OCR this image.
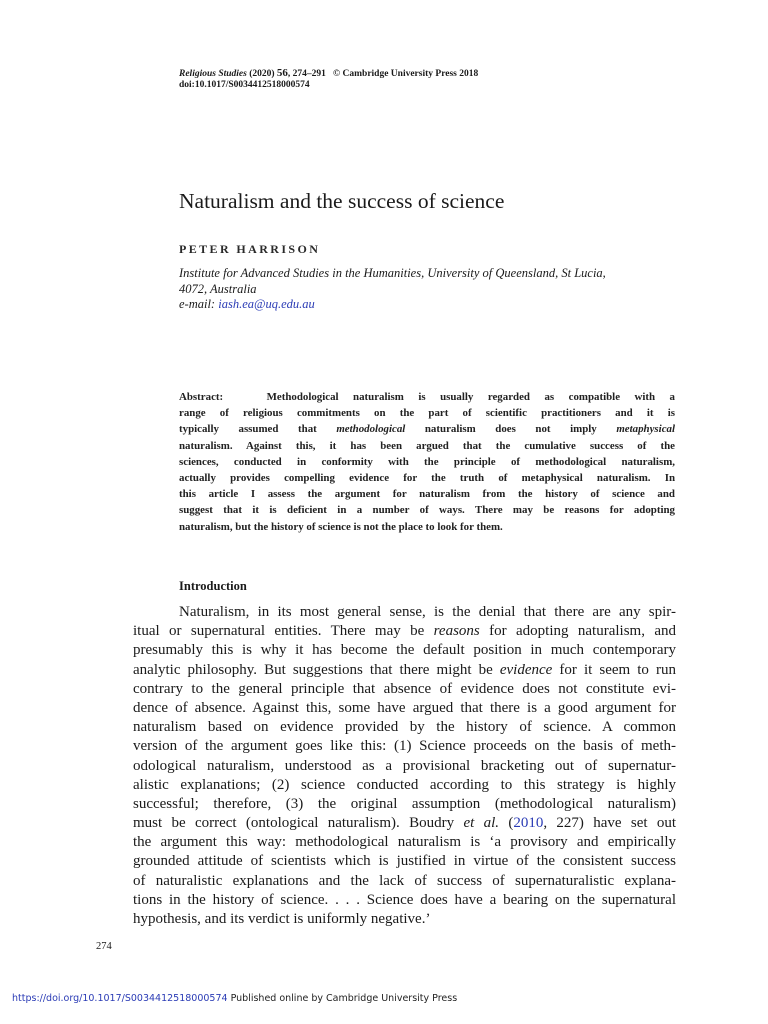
Religious Studies (2020) 56, 274–291 © Cambridge University Press 2018
doi:10.1017/S0034412518000574
Naturalism and the success of science
PETER HARRISON
Institute for Advanced Studies in the Humanities, University of Queensland, St Lucia,
4072, Australia
e-mail: iash.ea@uq.edu.au
Abstract:	Methodological naturalism is usually regarded as compatible with a
range of religious commitments on the part of scientific practitioners and it is
typically assumed that methodological naturalism does not imply metaphysical
naturalism. Against this, it has been argued that the cumulative success of the
sciences, conducted in conformity with the principle of methodological naturalism,
actually provides compelling evidence for the truth of metaphysical naturalism. In
this article I assess the argument for naturalism from the history of science and
suggest that it is deficient in a number of ways. There may be reasons for adopting
naturalism, but the history of science is not the place to look for them.
Introduction
Naturalism, in its most general sense, is the denial that there are any spir-
itual or supernatural entities. There may be reasons for adopting naturalism, and
presumably this is why it has become the default position in much contemporary
analytic philosophy. But suggestions that there might be evidence for it seem to run
contrary to the general principle that absence of evidence does not constitute evi-
dence of absence. Against this, some have argued that there is a good argument for
naturalism based on evidence provided by the history of science. A common
version of the argument goes like this: (1) Science proceeds on the basis of meth-
odological naturalism, understood as a provisional bracketing out of supernatur-
alistic explanations; (2) science conducted according to this strategy is highly
successful; therefore, (3) the original assumption (methodological naturalism)
must be correct (ontological naturalism). Boudry et al. (2010, 227) have set out
the argument this way: methodological naturalism is ‘a provisory and empirically
grounded attitude of scientists which is justified in virtue of the consistent success
of naturalistic explanations and the lack of success of supernaturalistic explana-
tions in the history of science. . . . Science does have a bearing on the supernatural
hypothesis, and its verdict is uniformly negative.’
274
https://doi.org/10.1017/S0034412518000574 Published online by Cambridge University Press
